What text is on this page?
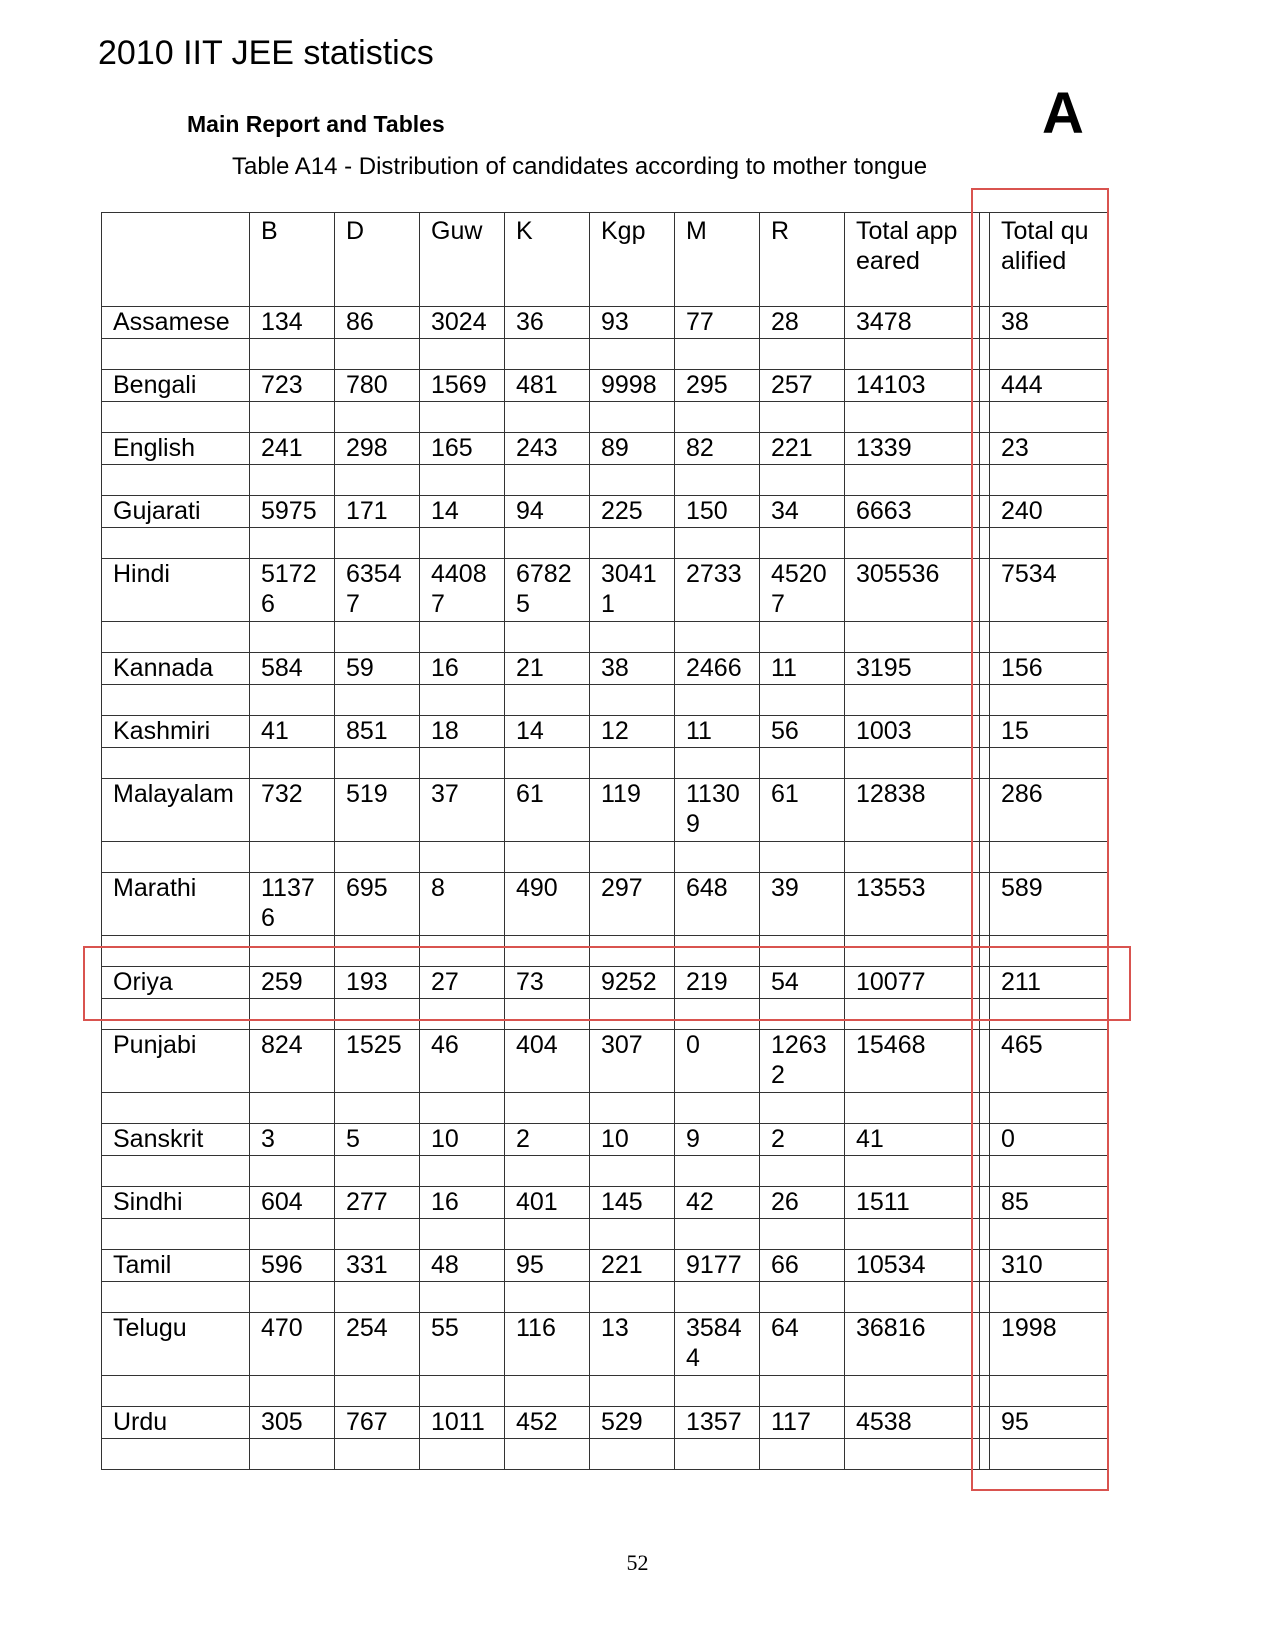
2010 IIT JEE statistics
Main Report and Tables	A
Table A14 - Distribution of candidates according to mother tongue
	B	D	Guw	K	Kgp	M	R	Total appeared		Total qualified
Assamese	134	86	3024	36	93	77	28	3478		38

Bengali	723	780	1569	481	9998	295	257	14103		444

English	241	298	165	243	89	82	221	1339		23

Gujarati	5975	171	14	94	225	150	34	6663		240

Hindi	51726	63547	44087	67825	30411	2733	45207	305536		7534

Kannada	584	59	16	21	38	2466	11	3195		156

Kashmiri	41	851	18	14	12	11	56	1003		15

Malayalam	732	519	37	61	119	11309	61	12838		286

Marathi	11376	695	8	490	297	648	39	13553		589

Oriya	259	193	27	73	9252	219	54	10077		211

Punjabi	824	1525	46	404	307	0	12632	15468		465

Sanskrit	3	5	10	2	10	9	2	41		0

Sindhi	604	277	16	401	145	42	26	1511		85

Tamil	596	331	48	95	221	9177	66	10534		310

Telugu	470	254	55	116	13	35844	64	36816		1998

Urdu	305	767	1011	452	529	1357	117	4538		95

52
